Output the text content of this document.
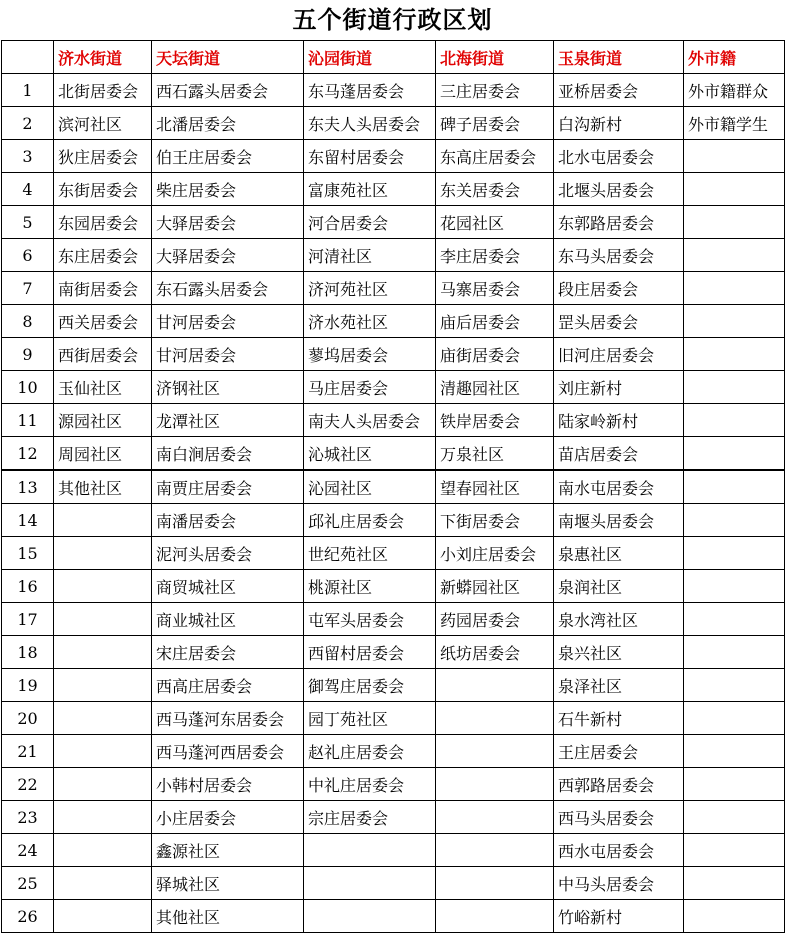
五个街道行政区划
	济水街道	天坛街道	沁园街道	北海街道	玉泉街道	外市籍
1	北街居委会	西石露头居委会	东马蓬居委会	三庄居委会	亚桥居委会	外市籍群众
2	滨河社区	北潘居委会	东夫人头居委会	碑子居委会	白沟新村	外市籍学生
3	狄庄居委会	伯王庄居委会	东留村居委会	东高庄居委会	北水屯居委会	
4	东街居委会	柴庄居委会	富康苑社区	东关居委会	北堰头居委会	
5	东园居委会	大驿居委会	河合居委会	花园社区	东郭路居委会	
6	东庄居委会	大驿居委会	河清社区	李庄居委会	东马头居委会	
7	南街居委会	东石露头居委会	济河苑社区	马寨居委会	段庄居委会	
8	西关居委会	甘河居委会	济水苑社区	庙后居委会	罡头居委会	
9	西街居委会	甘河居委会	蓼坞居委会	庙街居委会	旧河庄居委会	
10	玉仙社区	济钢社区	马庄居委会	清趣园社区	刘庄新村	
11	源园社区	龙潭社区	南夫人头居委会	铁岸居委会	陆家岭新村	
12	周园社区	南白涧居委会	沁城社区	万泉社区	苗店居委会	
13	其他社区	南贾庄居委会	沁园社区	望春园社区	南水屯居委会	
14		南潘居委会	邱礼庄居委会	下街居委会	南堰头居委会	
15		泥河头居委会	世纪苑社区	小刘庄居委会	泉惠社区	
16		商贸城社区	桃源社区	新蟒园社区	泉润社区	
17		商业城社区	屯军头居委会	药园居委会	泉水湾社区	
18		宋庄居委会	西留村居委会	纸坊居委会	泉兴社区	
19		西高庄居委会	御驾庄居委会		泉泽社区	
20		西马蓬河东居委会	园丁苑社区		石牛新村	
21		西马蓬河西居委会	赵礼庄居委会		王庄居委会	
22		小韩村居委会	中礼庄居委会		西郭路居委会	
23		小庄居委会	宗庄居委会		西马头居委会	
24		鑫源社区			西水屯居委会	
25		驿城社区			中马头居委会	
26		其他社区			竹峪新村	
